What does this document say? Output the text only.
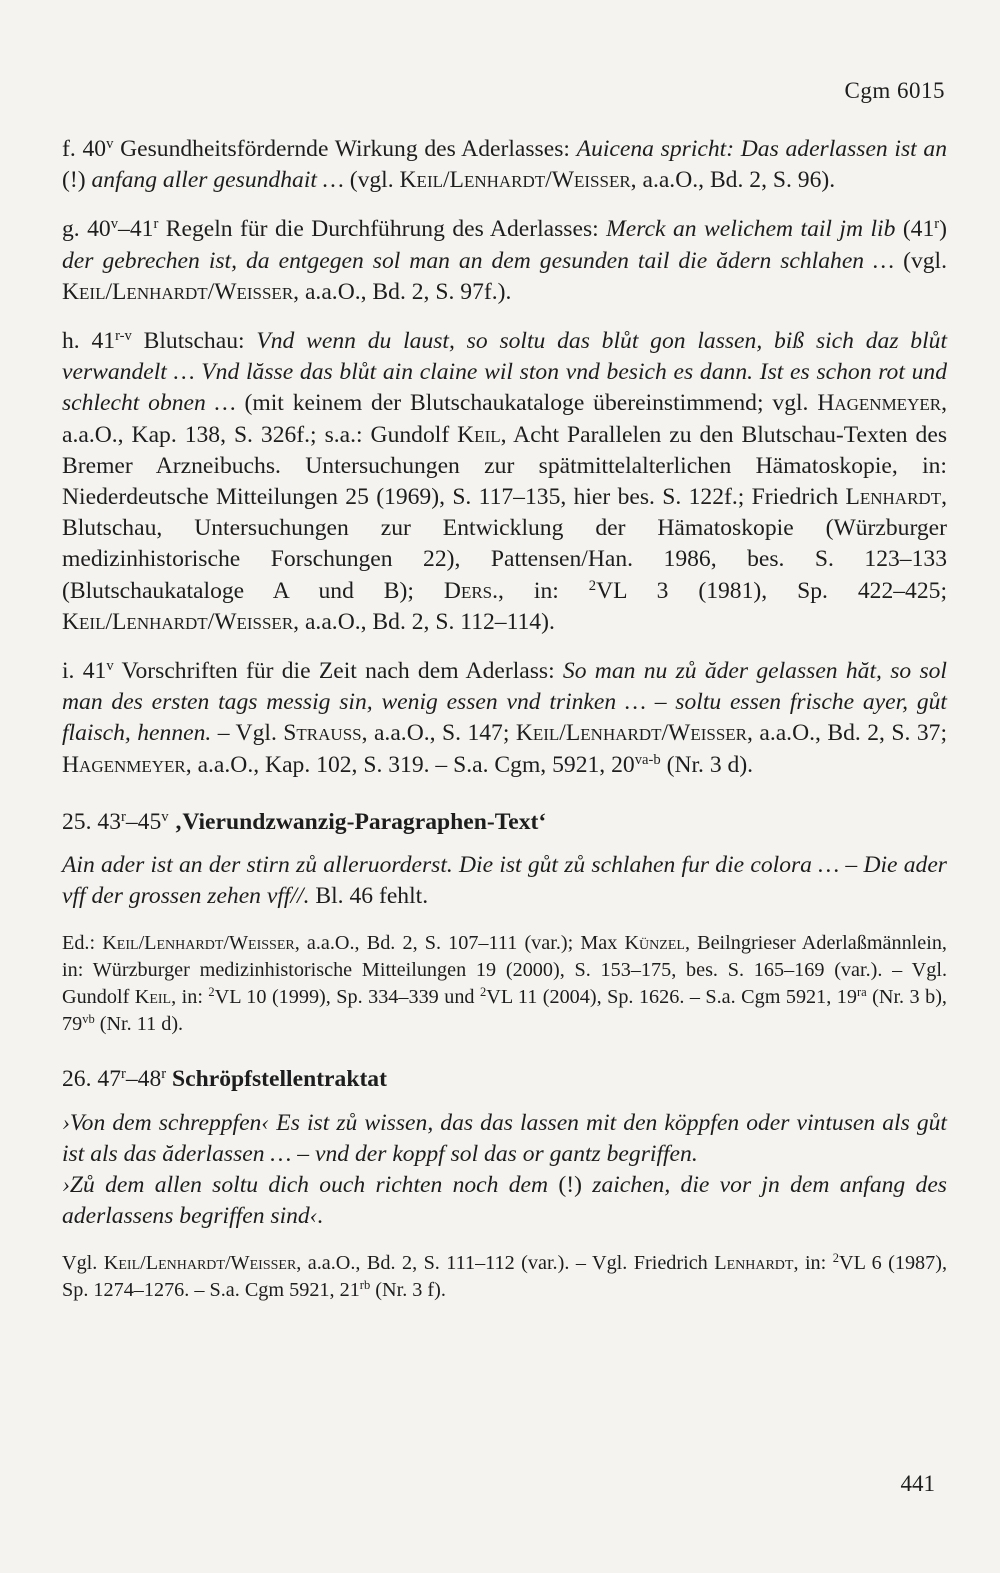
Cgm 6015

f. 40$^v$ Gesundheitsfördernde Wirkung des Aderlasses: Auicena spricht: Das aderlassen ist an (!) anfang aller gesundhait … (vgl. Keil/Lenhardt/Weisser, a.a.O., Bd. 2, S. 96).

g. 40$^v$–41$^r$ Regeln für die Durchführung des Aderlasses: Merck an welichem tail jm lib (41$^r$) der gebrechen ist, da entgegen sol man an dem gesunden tail die ădern schlahen … (vgl. Keil/Lenhardt/Weisser, a.a.O., Bd. 2, S. 97f.).

h. 41$^{r-v}$ Blutschau: Vnd wenn du laust, so soltu das blůt gon lassen, biß sich daz blůt verwandelt … Vnd lăsse das blůt ain claine wil ston vnd besich es dann. Ist es schon rot und schlecht obnen … (mit keinem der Blutschaukataloge übereinstimmend; vgl. Hagenmeyer, a.a.O., Kap. 138, S. 326f.; s.a.: Gundolf Keil, Acht Parallelen zu den Blutschau-Texten des Bremer Arzneibuchs. Untersuchungen zur spätmittelalterlichen Hämatoskopie, in: Niederdeutsche Mitteilungen 25 (1969), S. 117–135, hier bes. S. 122f.; Friedrich Lenhardt, Blutschau, Untersuchungen zur Entwicklung der Hämatoskopie (Würzburger medizinhistorische Forschungen 22), Pattensen/Han. 1986, bes. S. 123–133 (Blutschaukataloge A und B); Ders., in: $^2$VL 3 (1981), Sp. 422–425; Keil/Lenhardt/Weisser, a.a.O., Bd. 2, S. 112–114).

i. 41$^v$ Vorschriften für die Zeit nach dem Aderlass: So man nu zů ăder gelassen hăt, so sol man des ersten tags messig sin, wenig essen vnd trinken … – soltu essen frische ayer, gůt flaisch, hennen. – Vgl. Strauss, a.a.O., S. 147; Keil/Lenhardt/Weisser, a.a.O., Bd. 2, S. 37; Hagenmeyer, a.a.O., Kap. 102, S. 319. – S.a. Cgm, 5921, $20^{va-b}$ (Nr. 3 d).

25. 43$^r$–45$^v$ ‚Vierundzwanzig-Paragraphen-Text‘

Ain ader ist an der stirn zů alleruorderst. Die ist gůt zů schlahen fur die colora … – Die ader vff der grossen zehen vff//. Bl. 46 fehlt.

Ed.: Keil/Lenhardt/Weisser, a.a.O., Bd. 2, S. 107–111 (var.); Max Künzel, Beilngrieser Aderlaßmännlein, in: Würzburger medizinhistorische Mitteilungen 19 (2000), S. 153–175, bes. S. 165–169 (var.). – Vgl. Gundolf Keil, in: $^2$VL 10 (1999), Sp. 334–339 und $^2$VL 11 (2004), Sp. 1626. – S.a. Cgm 5921, $19^{ra}$ (Nr. 3 b), $79^{vb}$ (Nr. 11 d).

26. 47$^r$–48$^r$ Schröpfstellentraktat

›Von dem schreppfen‹ Es ist zů wissen, das das lassen mit den köppfen oder vintusen als gůt ist als das ăderlassen … – vnd der koppf sol das or gantz begriffen.

›Zů dem allen soltu dich ouch richten noch dem (!) zaichen, die vor jn dem anfang des aderlassens begriffen sind‹.

Vgl. Keil/Lenhardt/Weisser, a.a.O., Bd. 2, S. 111–112 (var.). – Vgl. Friedrich Lenhardt, in: $^2$VL 6 (1987), Sp. 1274–1276. – S.a. Cgm 5921, $21^{rb}$ (Nr. 3 f).

441
